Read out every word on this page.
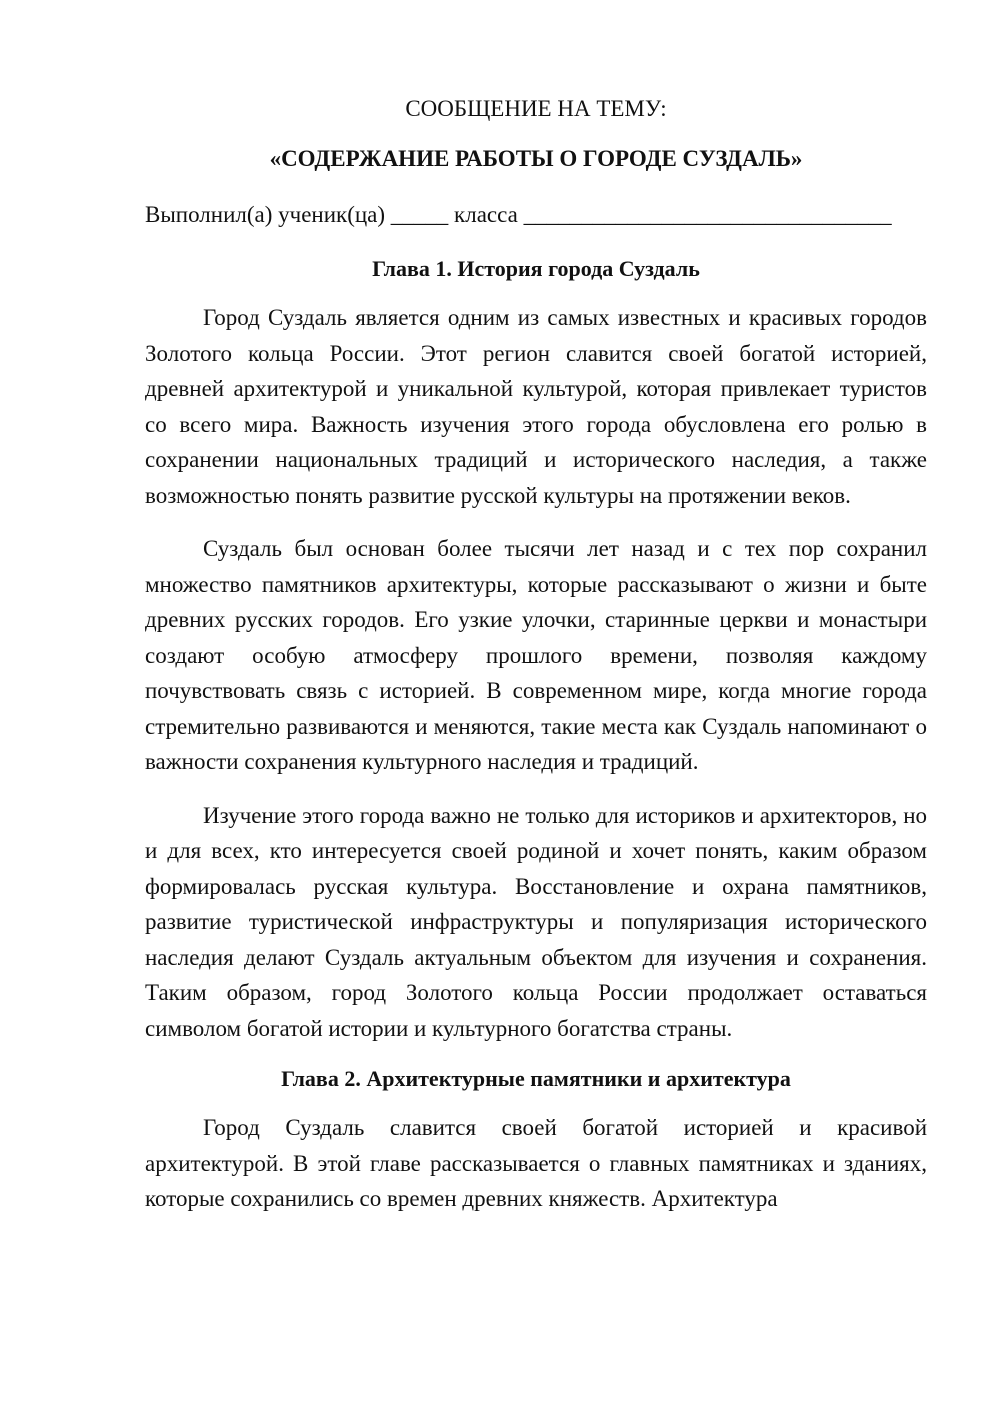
СООБЩЕНИЕ НА ТЕМУ:

«СОДЕРЖАНИЕ РАБОТЫ О ГОРОДЕ СУЗДАЛЬ»

Выполнил(а) ученик(ца) _____ класса ________________________________

Глава 1. История города Суздаль

Город Суздаль является одним из самых известных и красивых городов Золотого кольца России. Этот регион славится своей богатой историей, древней архитектурой и уникальной культурой, которая привлекает туристов со всего мира. Важность изучения этого города обусловлена его ролью в сохранении национальных традиций и исторического наследия, а также возможностью понять развитие русской культуры на протяжении веков.

Суздаль был основан более тысячи лет назад и с тех пор сохранил множество памятников архитектуры, которые рассказывают о жизни и быте древних русских городов. Его узкие улочки, старинные церкви и монастыри создают особую атмосферу прошлого времени, позволяя каждому почувствовать связь с историей. В современном мире, когда многие города стремительно развиваются и меняются, такие места как Суздаль напоминают о важности сохранения культурного наследия и традиций.

Изучение этого города важно не только для историков и архитекторов, но и для всех, кто интересуется своей родиной и хочет понять, каким образом формировалась русская культура. Восстановление и охрана памятников, развитие туристической инфраструктуры и популяризация исторического наследия делают Суздаль актуальным объектом для изучения и сохранения. Таким образом, город Золотого кольца России продолжает оставаться символом богатой истории и культурного богатства страны.

Глава 2. Архитектурные памятники и архитектура

Город Суздаль славится своей богатой историей и красивой архитектурой. В этой главе рассказывается о главных памятниках и зданиях, которые сохранились со времен древних княжеств. Архитектура
